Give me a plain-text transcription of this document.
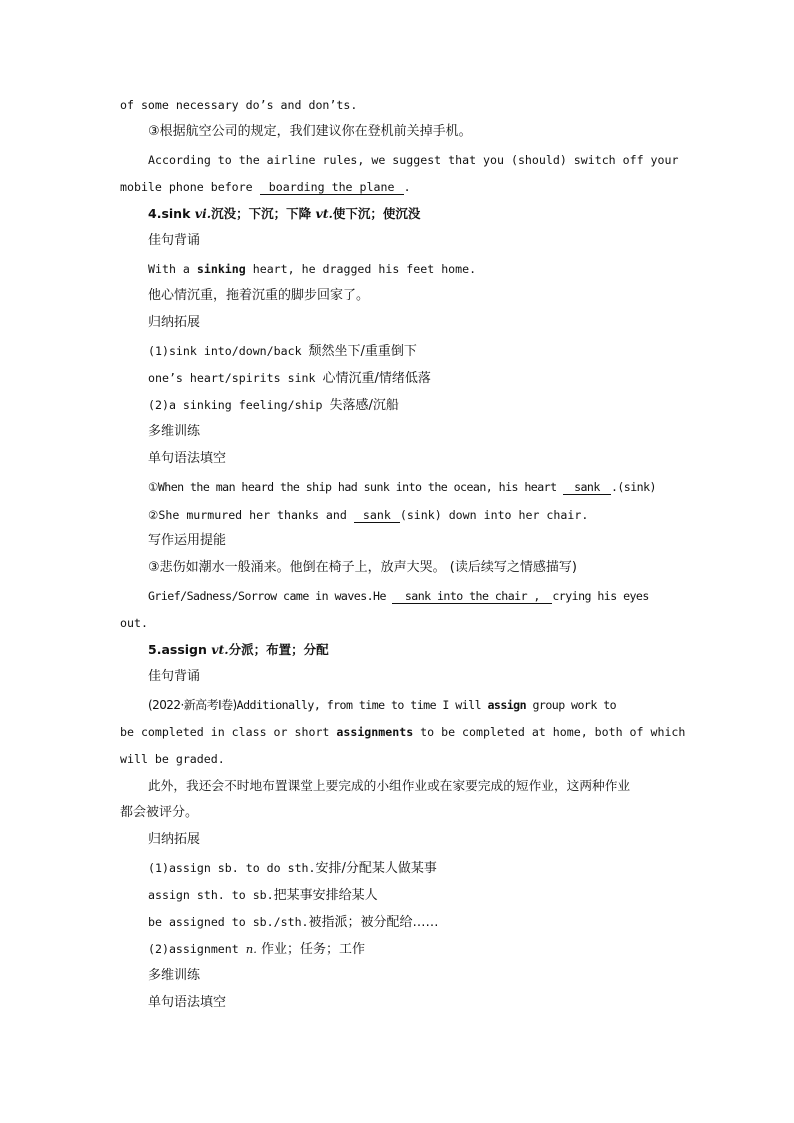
of some necessary do’s and don’ts.
③根据航空公司的规定，我们建议你在登机前关掉手机。
According to the airline rules, we suggest that you (should) switch off your
mobile phone before boarding the plane .
4.sink vi.沉没；下沉；下降 vt.使下沉；使沉没
佳句背诵
With a sinking heart, he dragged his feet home.
他心情沉重，拖着沉重的脚步回家了。
归纳拓展
(1)sink into/down/back 颓然坐下/重重倒下
one’s heart/spirits sink 心情沉重/情绪低落
(2)a sinking feeling/ship 失落感/沉船
多维训练
单句语法填空
①When the man heard the ship had sunk into the ocean, his heart sank .(sink)
②She murmured her thanks and sank (sink) down into her chair.
写作运用提能
③悲伤如潮水一般涌来。他倒在椅子上，放声大哭。 (读后续写之情感描写)
Grief/Sadness/Sorrow came in waves.He sank into the chair , crying his eyes
out.
5.assign vt.分派；布置；分配
佳句背诵
(2022·新高考Ⅰ卷)Additionally, from time to time I will assign group work to
be completed in class or short assignments to be completed at home, both of which
will be graded.
此外，我还会不时地布置课堂上要完成的小组作业或在家要完成的短作业，这两种作业
都会被评分。
归纳拓展
(1)assign sb. to do sth.安排/分配某人做某事
assign sth. to sb.把某事安排给某人
be assigned to sb./sth.被指派；被分配给……
(2)assignment n. 作业；任务；工作
多维训练
单句语法填空
